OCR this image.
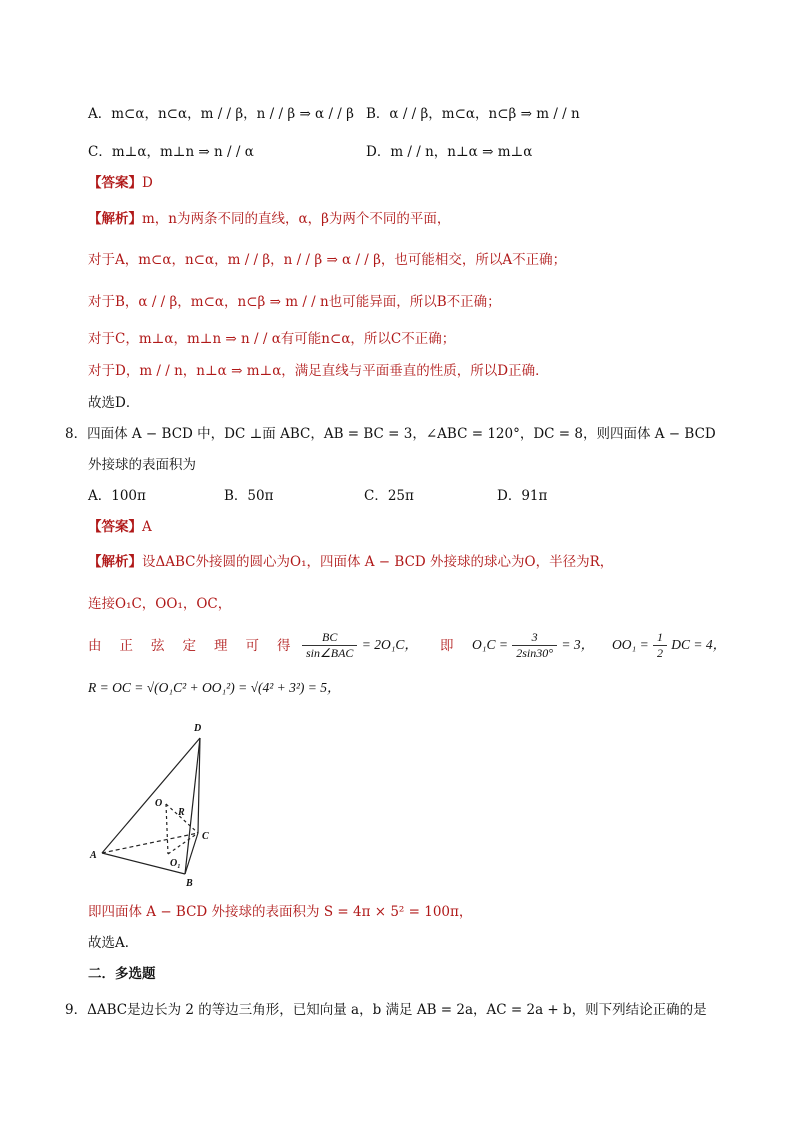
A．m⊂α，n⊂α，m / / β，n / / β ⇒ α / / β B．α / / β，m⊂α，n⊂β ⇒ m / / n
C．m⊥α，m⊥n ⇒ n / / α	D．m / / n，n⊥α ⇒ m⊥α
【答案】D
【解析】m，n为两条不同的直线，α，β为两个不同的平面，
对于A，m⊂α，n⊂α，m / / β，n / / β ⇒ α / / β，也可能相交，所以A不正确；
对于B，α / / β，m⊂α，n⊂β ⇒ m / / n也可能异面，所以B不正确；
对于C，m⊥α，m⊥n ⇒ n / / α有可能n⊂α，所以C不正确；
对于D，m / / n，n⊥α ⇒ m⊥α，满足直线与平面垂直的性质，所以D正确．
故选D．
8．四面体 A − BCD 中，DC ⊥面 ABC，AB = BC = 3，∠ABC = 120°，DC = 8，则四面体 A − BCD
外接球的表面积为
A．100π	B．50π	C．25π	D．91π
【答案】A
【解析】设ΔABC外接圆的圆心为O₁，四面体 A − BCD 外接球的球心为O，半径为R，
连接O₁C，OO₁，OC，
由 正 弦 定 理 可 得 $\frac{BC}{\text{sin∠BAC}} = 2O_1C$， 即 $O_1C = \frac{3}{2\sin 30^\circ} = 3$， $OO_1 = \frac{1}{2}$ DC = 4，
R = OC = √(O₁C² + OO₁²) = √(4² + 3²) = 5，
D
O
R
C
A
O₁
B
即四面体 A − BCD 外接球的表面积为 S = 4π × 5² = 100π，
故选A．
二．多选题
9．ΔABC是边长为 2 的等边三角形，已知向量 a，b 满足 AB = 2a，AC = 2a + b，则下列结论正确的是
